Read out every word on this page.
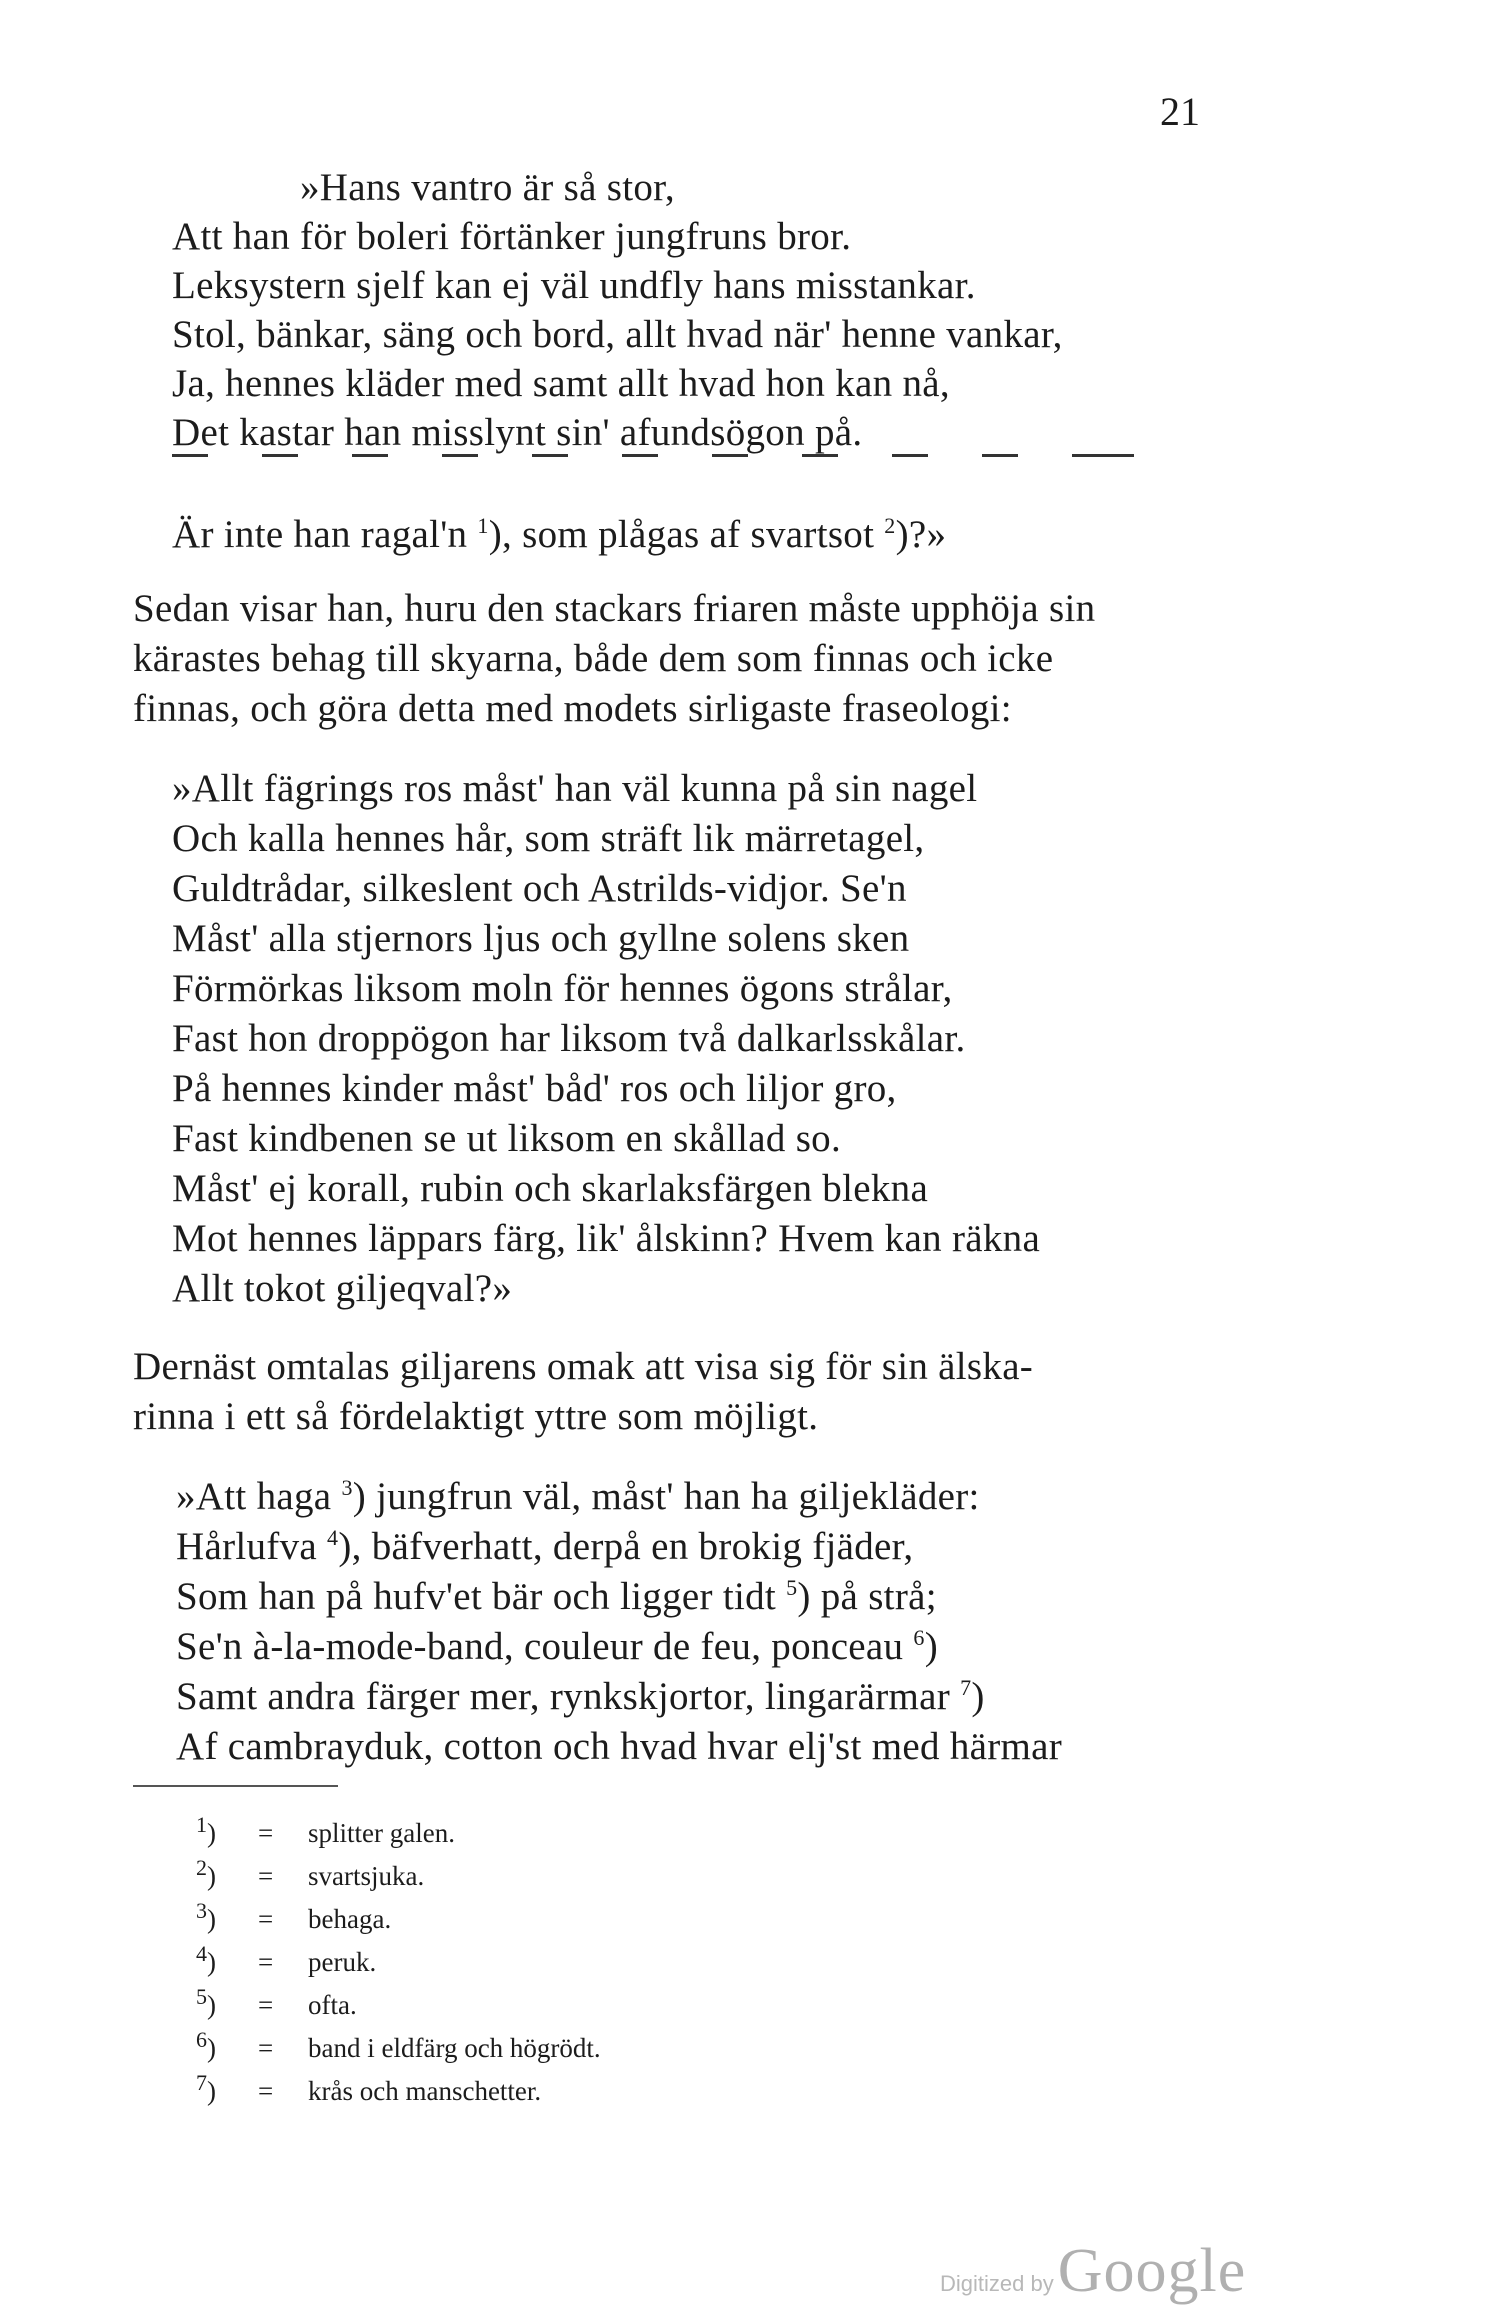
21
»Hans vantro är så stor,
Att han för boleri förtänker jungfruns bror.
Leksystern sjelf kan ej väl undfly hans misstankar.
Stol, bänkar, säng och bord, allt hvad när' henne vankar,
Ja, hennes kläder med samt allt hvad hon kan nå,
Det kastar han misslynt sin' afundsögon på.
Är inte han ragal'n $^1$), som plågas af svartsot $^2$)?»
Sedan visar han, huru den stackars friaren måste upphöja sin
kärastes behag till skyarna, både dem som finnas och icke
finnas, och göra detta med modets sirligaste fraseologi:
»Allt fägrings ros måst' han väl kunna på sin nagel
Och kalla hennes hår, som sträft lik märretagel,
Guldtrådar, silkeslent och Astrilds-vidjor. Se'n
Måst' alla stjernors ljus och gyllne solens sken
Förmörkas liksom moln för hennes ögons strålar,
Fast hon droppögon har liksom två dalkarlsskålar.
På hennes kinder måst' båd' ros och liljor gro,
Fast kindbenen se ut liksom en skållad so.
Måst' ej korall, rubin och skarlaksfärgen blekna
Mot hennes läppars färg, lik' ålskinn? Hvem kan räkna
Allt tokot giljeqval?»
Dernäst omtalas giljarens omak att visa sig för sin älska-
rinna i ett så fördelaktigt yttre som möjligt.
»Att haga $^3$) jungfrun väl, måst' han ha giljekläder:
Hårlufva $^4$), bäfverhatt, derpå en brokig fjäder,
Som han på hufv'et bär och ligger tidt $^5$) på strå;
Se'n à-la-mode-band, couleur de feu, ponceau $^6$)
Samt andra färger mer, rynkskjortor, lingarärmar $^7$)
Af cambrayduk, cotton och hvad hvar elj'st med härmar
$^1$) = splitter galen.
$^2$) = svartsjuka.
$^3$) = behaga.
$^4$) = peruk.
$^5$) = ofta.
$^6$) = band i eldfärg och högrödt.
$^7$) = krås och manschetter.
Digitized by Google
